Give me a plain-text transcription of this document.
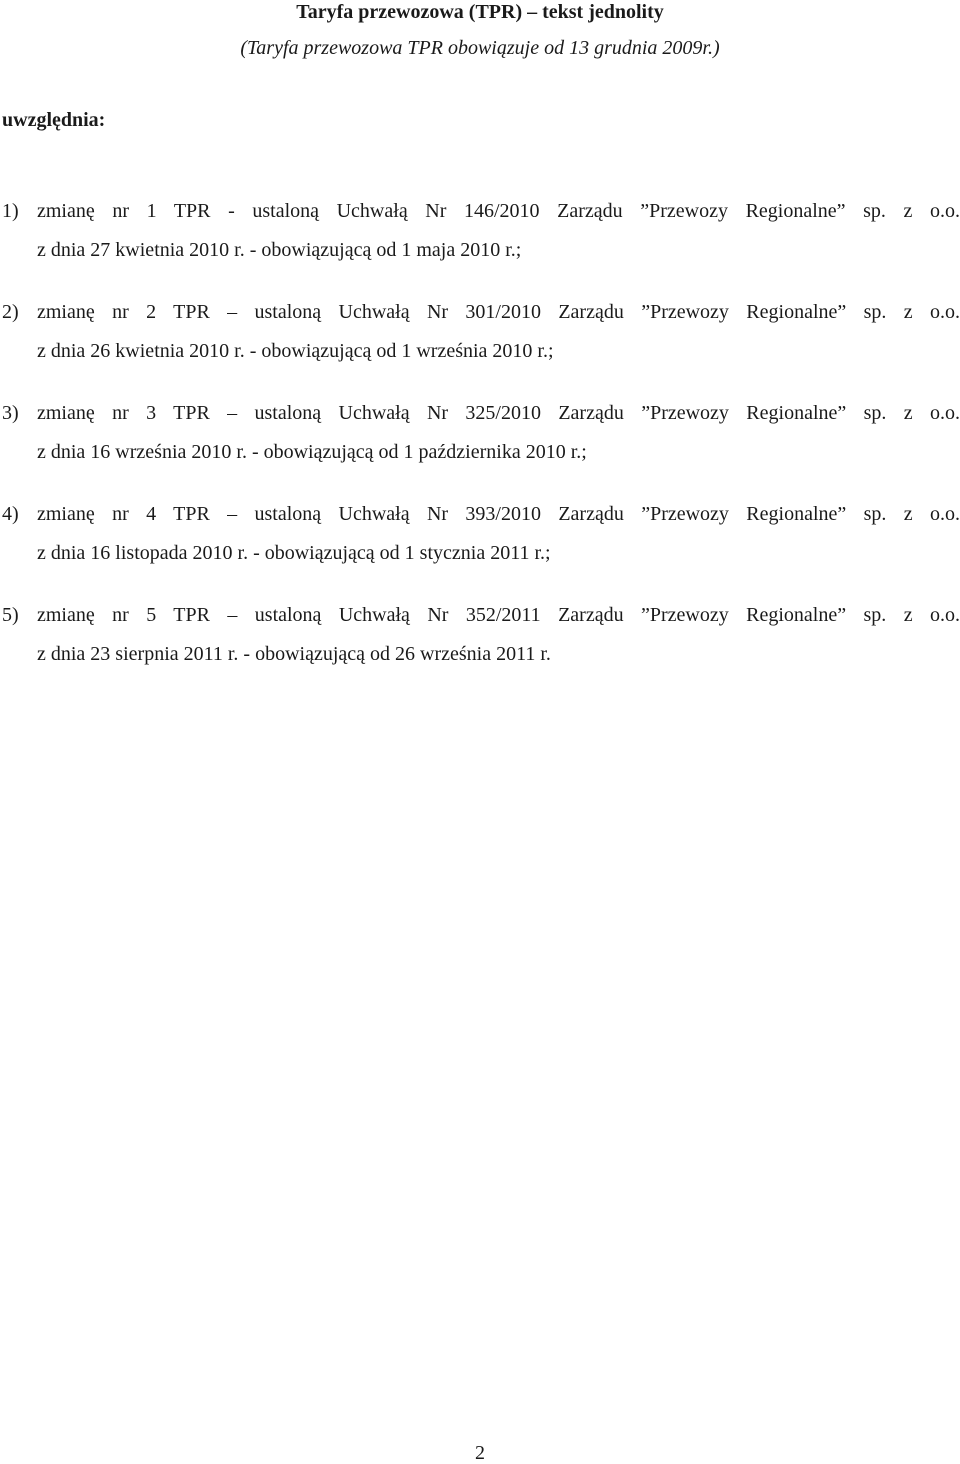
Taryfa przewozowa (TPR) – tekst jednolity
(Taryfa przewozowa TPR obowiązuje od 13 grudnia 2009r.)
uwzględnia:
1) zmianę nr 1 TPR - ustaloną Uchwałą Nr 146/2010 Zarządu ”Przewozy Regionalne” sp. z o.o.
z dnia 27 kwietnia 2010 r. - obowiązującą od 1 maja 2010 r.;
2) zmianę nr 2 TPR – ustaloną Uchwałą Nr 301/2010 Zarządu ”Przewozy Regionalne” sp. z o.o.
z dnia 26 kwietnia 2010 r. - obowiązującą od 1 września 2010 r.;
3) zmianę nr 3 TPR – ustaloną Uchwałą Nr 325/2010 Zarządu ”Przewozy Regionalne” sp. z o.o.
z dnia 16 września 2010 r. - obowiązującą od 1 października 2010 r.;
4) zmianę nr 4 TPR – ustaloną Uchwałą Nr 393/2010 Zarządu ”Przewozy Regionalne” sp. z o.o.
z dnia 16 listopada 2010 r. - obowiązującą od 1 stycznia 2011 r.;
5) zmianę nr 5 TPR – ustaloną Uchwałą Nr 352/2011 Zarządu ”Przewozy Regionalne” sp. z o.o.
z dnia 23 sierpnia 2011 r. - obowiązującą od 26 września 2011 r.
2
